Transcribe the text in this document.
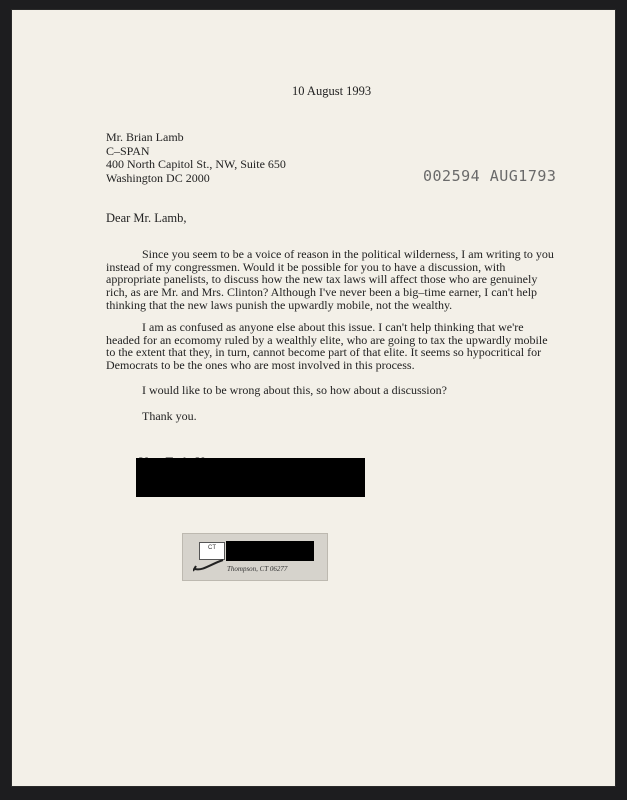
10 August 1993
Mr. Brian Lamb
C–SPAN
400 North Capitol St., NW, Suite 650
Washington DC 2000	002594 AUG1793
Dear Mr. Lamb,

Since you seem to be a voice of reason in the political wilderness, I am writing to you instead of my congressmen. Would it be possible for you to have a discussion, with appropriate panelists, to discuss how the new tax laws will affect those who are genuinely rich, as are Mr. and Mrs. Clinton? Although I've never been a big–time earner, I can't help thinking that the new laws punish the upwardly mobile, not the wealthy.

I am as confused as anyone else about this issue. I can't help thinking that we're headed for an ecomomy ruled by a wealthly elite, who are going to tax the upwardly mobile to the extent that they, in turn, cannot become part of that elite. It seems so hypocritical for Democrats to be the ones who are most involved in this process.

I would like to be wrong about this, so how about a discussion?

Thank you.

CT
Thompson, CT 06277
